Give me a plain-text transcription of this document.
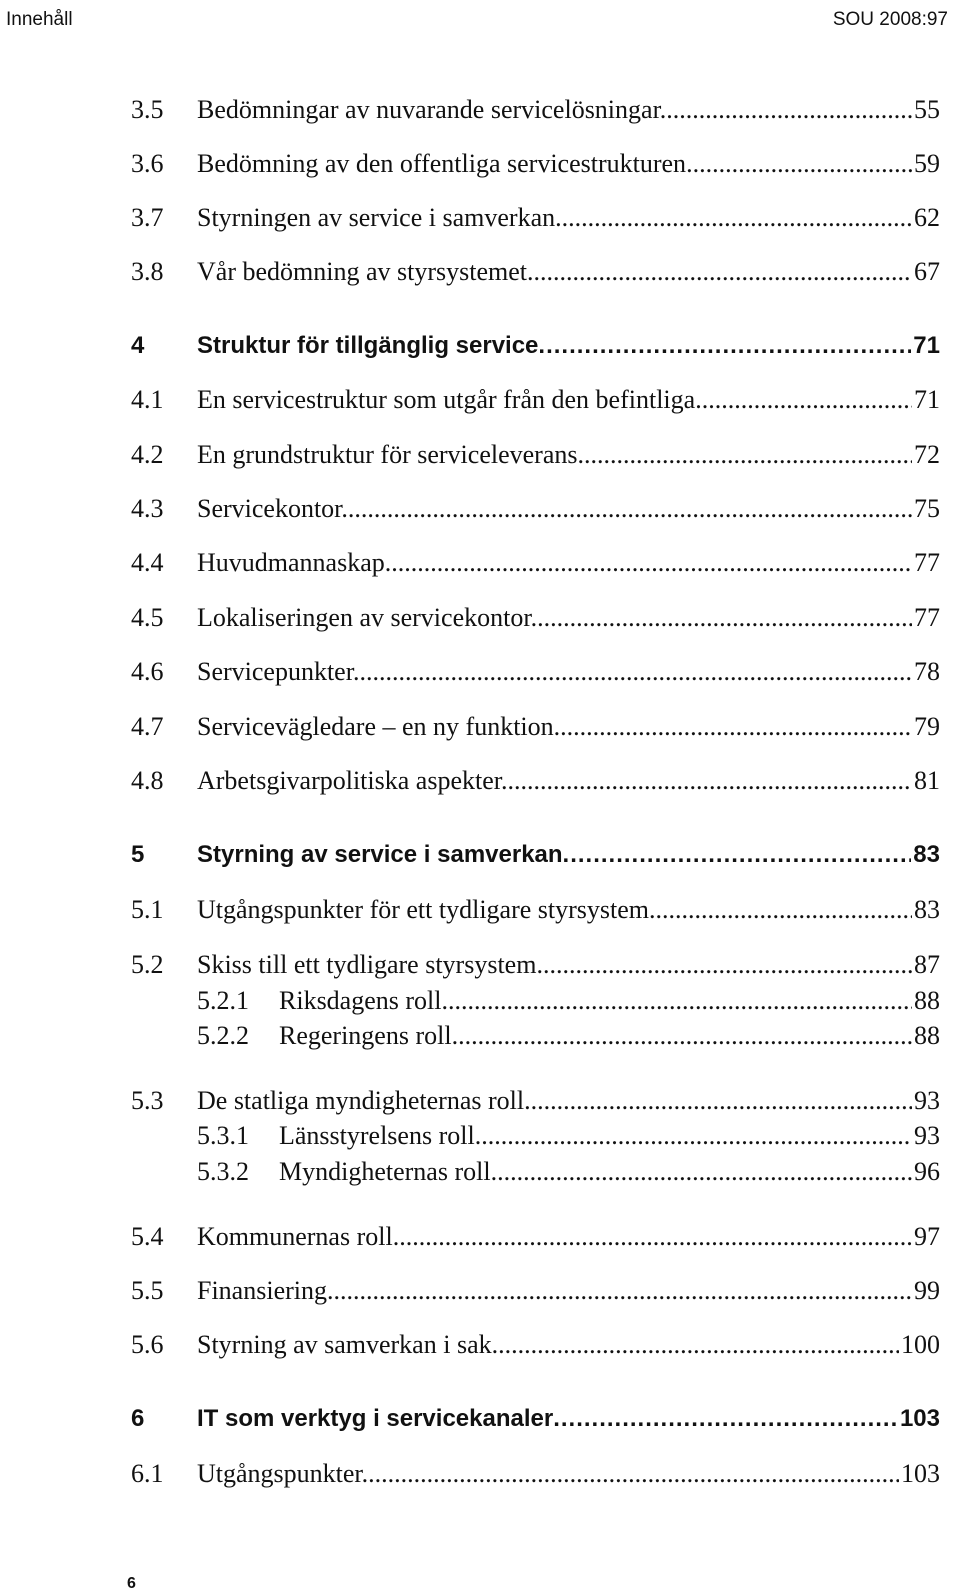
Innehåll	SOU 2008:97
3.5 Bedömningar av nuvarande servicelösningar .....	55
3.6 Bedömning av den offentliga servicestrukturen .....	59
3.7 Styrningen av service i samverkan .....	62
3.8 Vår bedömning av styrsystemet .....	67
4 Struktur för tillgänglig service .....	71
4.1 En servicestruktur som utgår från den befintliga .....	71
4.2 En grundstruktur för serviceleverans .....	72
4.3 Servicekontor .....	75
4.4 Huvudmannaskap .....	77
4.5 Lokaliseringen av servicekontor .....	77
4.6 Servicepunkter .....	78
4.7 Servicevägledare – en ny funktion .....	79
4.8 Arbetsgivarpolitiska aspekter .....	81
5 Styrning av service i samverkan .....	83
5.1 Utgångspunkter för ett tydligare styrsystem .....	83
5.2 Skiss till ett tydligare styrsystem .....	87
5.2.1 Riksdagens roll .....	88
5.2.2 Regeringens roll .....	88
5.3 De statliga myndigheternas roll .....	93
5.3.1 Länsstyrelsens roll .....	93
5.3.2 Myndigheternas roll .....	96
5.4 Kommunernas roll .....	97
5.5 Finansiering .....	99
5.6 Styrning av samverkan i sak .....	100
6 IT som verktyg i servicekanaler .....	103
6.1 Utgångspunkter .....	103
6
